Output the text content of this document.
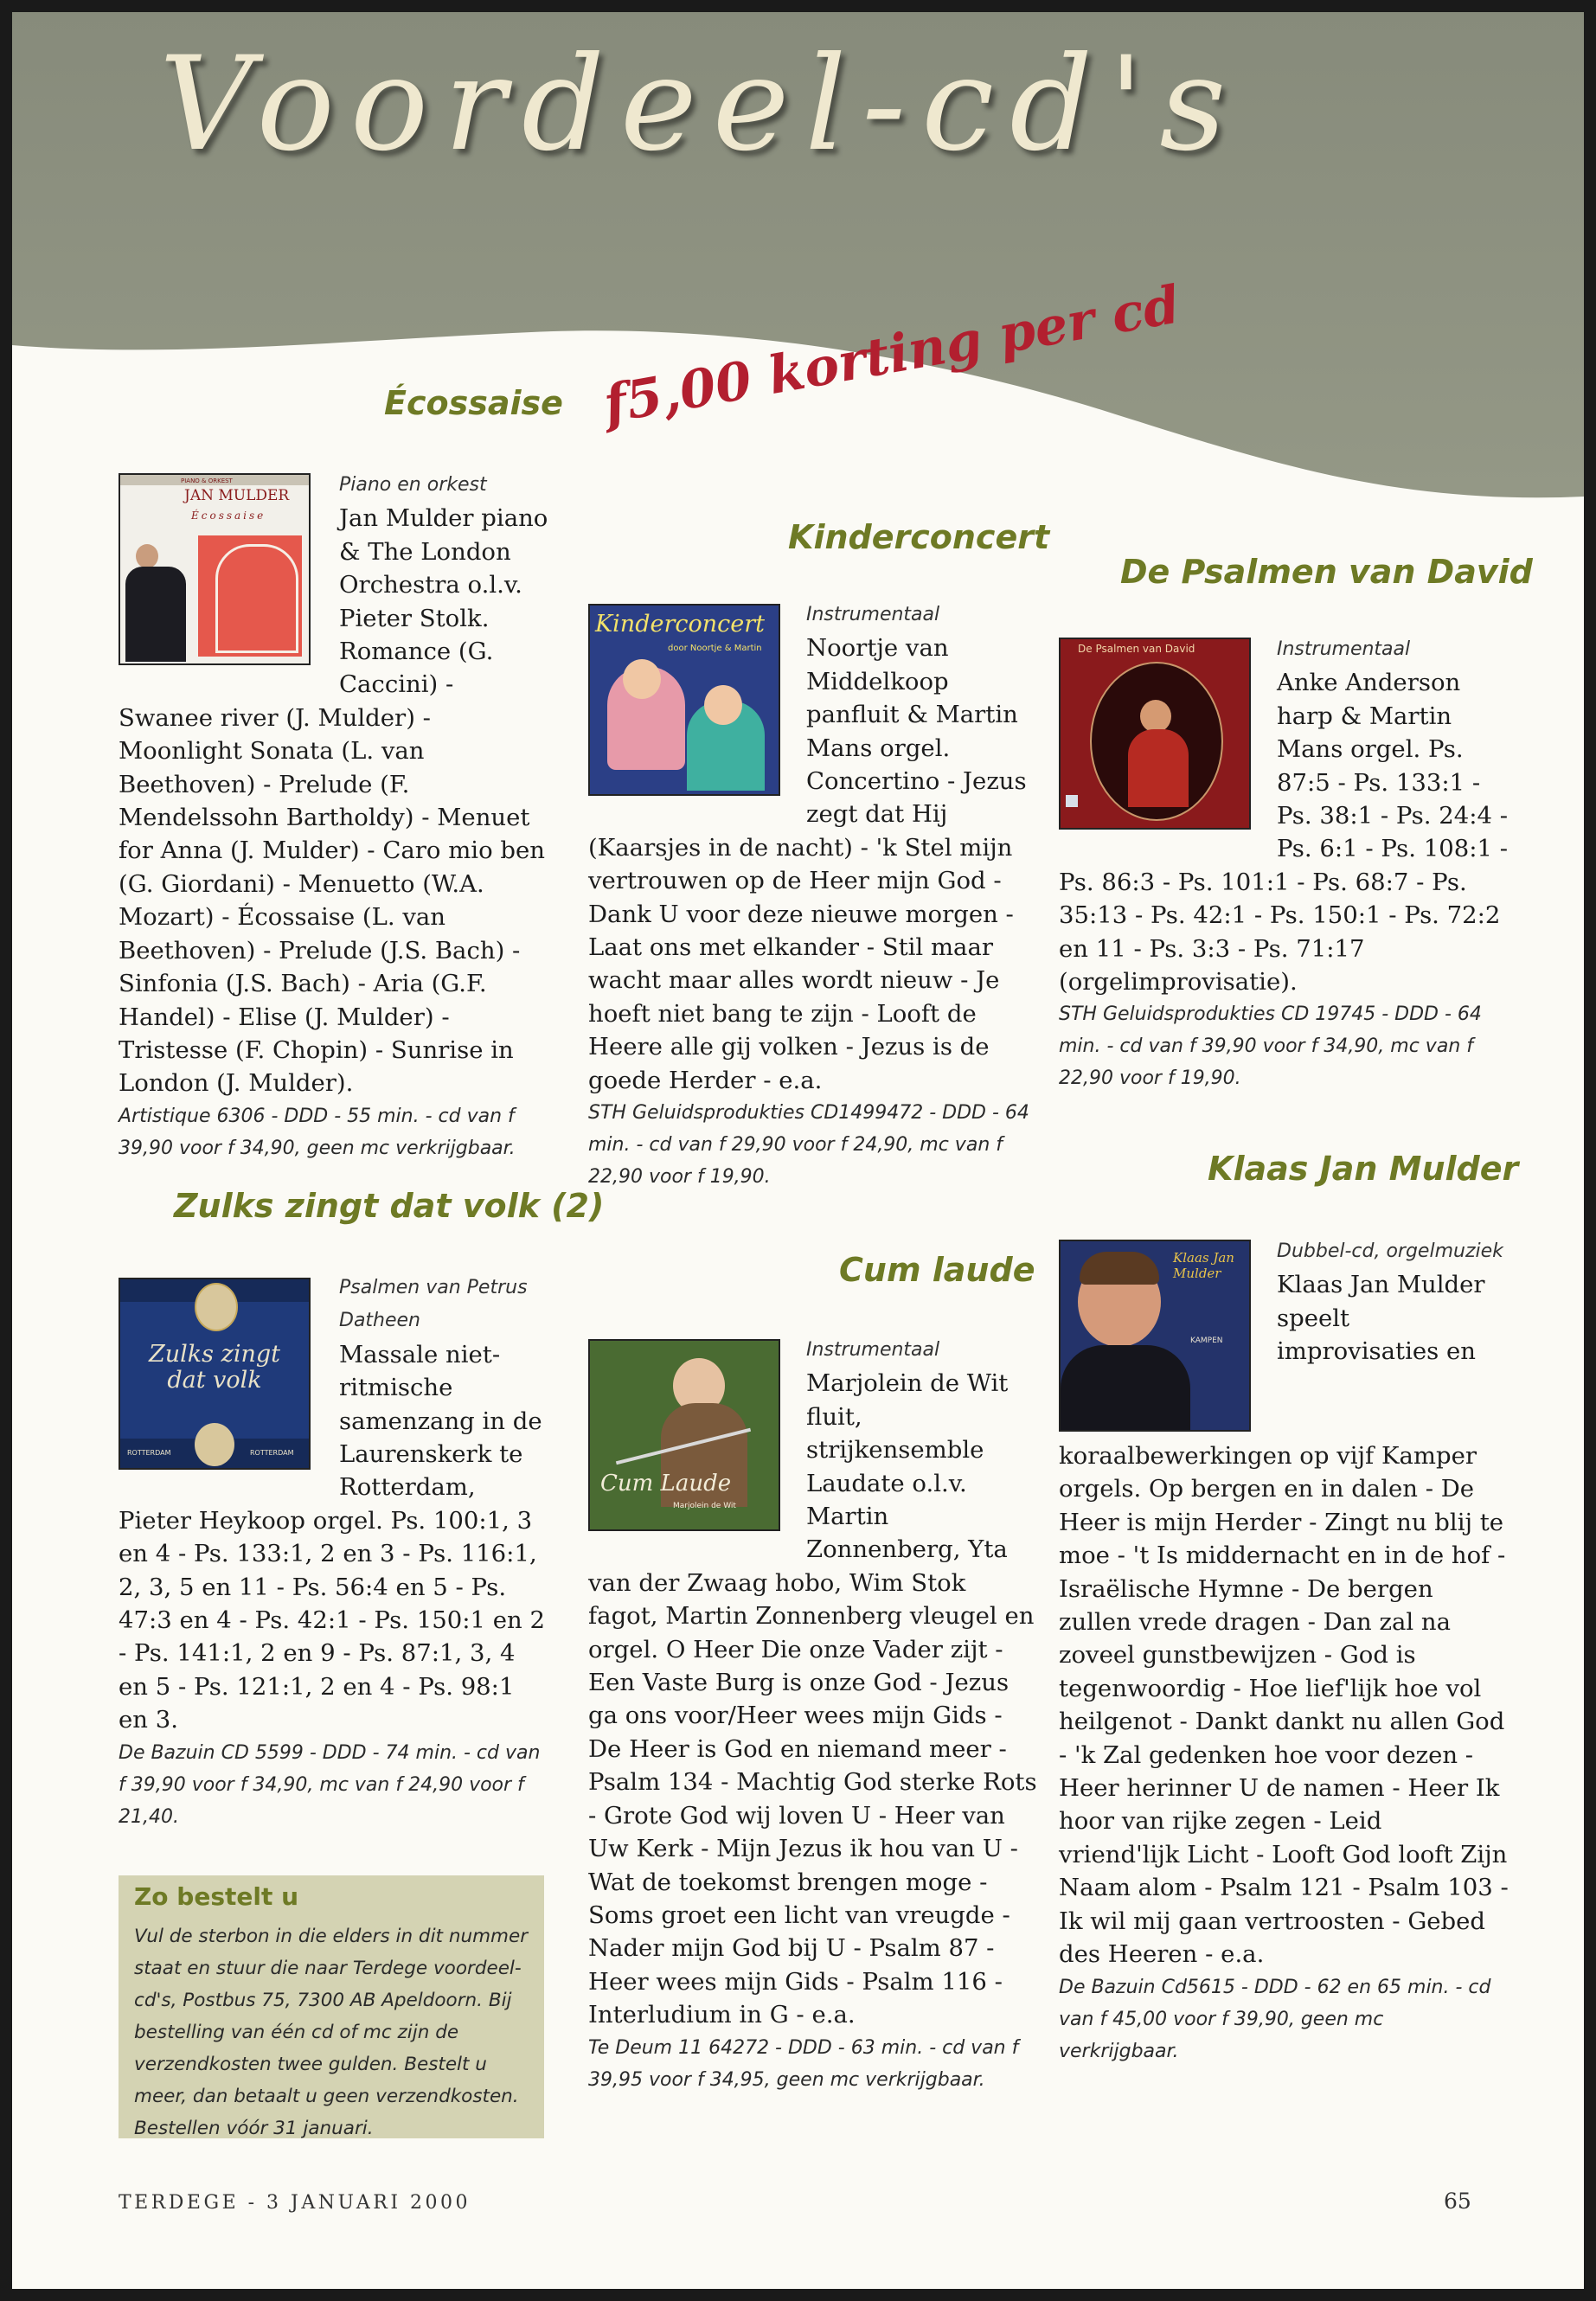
Voordeel-cd's
f5,00 korting per cd
Écossaise
PIANO & ORKEST
JAN MULDER
Écossaise
Piano en orkest
Jan Mulder piano & The London Orchestra o.l.v. Pieter Stolk. Romance (G. Caccini) - Swanee river (J. Mulder) - Moonlight Sonata (L. van Beethoven) - Prelude (F. Mendelssohn Bartholdy) - Menuet for Anna (J. Mulder) - Caro mio ben (G. Giordani) - Menuetto (W.A. Mozart) - Écossaise (L. van Beethoven) - Prelude (J.S. Bach) - Sinfonia (J.S. Bach) - Aria (G.F. Handel) - Elise (J. Mulder) - Tristesse (F. Chopin) - Sunrise in London (J. Mulder).
Artistique 6306 - DDD - 55 min. - cd van f 39,90 voor f 34,90, geen mc verkrijgbaar.
Zulks zingt dat volk (2)
Zulks zingt dat volk
ROTTERDAM	ROTTERDAM
Psalmen van Petrus Datheen
Massale niet-ritmische samenzang in de Laurenskerk te Rotterdam, Pieter Heykoop orgel. Ps. 100:1, 3 en 4 - Ps. 133:1, 2 en 3 - Ps. 116:1, 2, 3, 5 en 11 - Ps. 56:4 en 5 - Ps. 47:3 en 4 - Ps. 42:1 - Ps. 150:1 en 2 - Ps. 141:1, 2 en 9 - Ps. 87:1, 3, 4 en 5 - Ps. 121:1, 2 en 4 - Ps. 98:1 en 3.
De Bazuin CD 5599 - DDD - 74 min. - cd van f 39,90 voor f 34,90, mc van f 24,90 voor f 21,40.
Zo bestelt u

Vul de sterbon in die elders in dit nummer staat en stuur die naar Terdege voordeel-cd's, Postbus 75, 7300 AB Apeldoorn. Bij bestelling van één cd of mc zijn de verzendkosten twee gulden. Bestelt u meer, dan betaalt u geen verzendkosten. Bestellen vóór 31 januari.

Kinderconcert
Kinderconcert
door Noortje & Martin
Instrumentaal
Noortje van Middelkoop panfluit & Martin Mans orgel. Concertino - Jezus zegt dat Hij (Kaarsjes in de nacht) - 'k Stel mijn vertrouwen op de Heer mijn God - Dank U voor deze nieuwe morgen - Laat ons met elkander - Stil maar wacht maar alles wordt nieuw - Je hoeft niet bang te zijn - Looft de Heere alle gij volken - Jezus is de goede Herder - e.a.
STH Geluidsprodukties CD1499472 - DDD - 64 min. - cd van f 29,90 voor f 24,90, mc van f 22,90 voor f 19,90.
Cum laude
Cum Laude
Marjolein de Wit
Instrumentaal
Marjolein de Wit fluit, strijkensemble Laudate o.l.v. Martin Zonnenberg, Yta van der Zwaag hobo, Wim Stok fagot, Martin Zonnenberg vleugel en orgel. O Heer Die onze Vader zijt - Een Vaste Burg is onze God - Jezus ga ons voor/Heer wees mijn Gids - De Heer is God en niemand meer - Psalm 134 - Machtig God sterke Rots - Grote God wij loven U - Heer van Uw Kerk - Mijn Jezus ik hou van U - Wat de toekomst brengen moge - Soms groet een licht van vreugde - Nader mijn God bij U - Psalm 87 - Heer wees mijn Gids - Psalm 116 - Interludium in G - e.a.
Te Deum 11 64272 - DDD - 63 min. - cd van f 39,95 voor f 34,95, geen mc verkrijgbaar.
De Psalmen van David
De Psalmen van David	Instrumentaal
Anke Anderson harp & Martin Mans orgel. Ps. 87:5 - Ps. 133:1 - Ps. 38:1 - Ps. 24:4 - Ps. 6:1 - Ps. 108:1 - Ps. 86:3 - Ps. 101:1 - Ps. 68:7 - Ps. 35:13 - Ps. 42:1 - Ps. 150:1 - Ps. 72:2 en 11 - Ps. 3:3 - Ps. 71:17 (orgelimprovisatie).
STH Geluidsprodukties CD 19745 - DDD - 64 min. - cd van f 39,90 voor f 34,90, mc van f 22,90 voor f 19,90.
Klaas Jan Mulder
Klaas Jan Mulder
KAMPEN
Dubbel-cd, orgelmuziek
Klaas Jan Mulder speelt improvisaties en koraalbewerkingen op vijf Kamper orgels. Op bergen en in dalen - De Heer is mijn Herder - Zingt nu blij te moe - 't Is middernacht en in de hof - Israëlische Hymne - De bergen zullen vrede dragen - Dan zal na zoveel gunstbewijzen - God is tegenwoordig - Hoe lief'lijk hoe vol heilgenot - Dankt dankt nu allen God - 'k Zal gedenken hoe voor dezen - Heer herinner U de namen - Heer Ik hoor van rijke zegen - Leid vriend'lijk Licht - Looft God looft Zijn Naam alom - Psalm 121 - Psalm 103 - Ik wil mij gaan vertroosten - Gebed des Heeren - e.a.
De Bazuin Cd5615 - DDD - 62 en 65 min. - cd van f 45,00 voor f 39,90, geen mc verkrijgbaar.
TERDEGE - 3 JANUARI 2000	65
